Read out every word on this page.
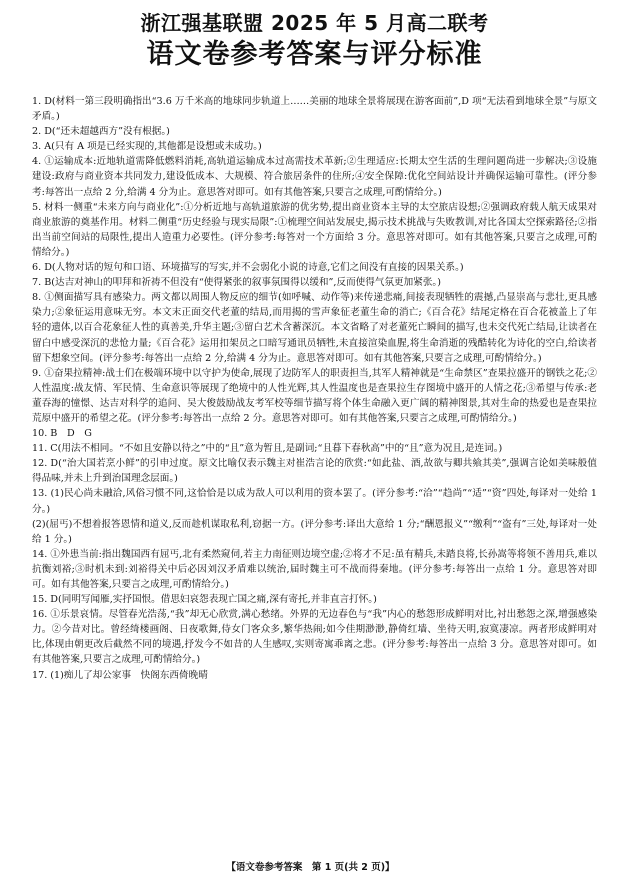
浙江强基联盟 2025 年 5 月高二联考
语文卷参考答案与评分标准

1. D(材料一第三段明确指出“3.6 万千米高的地球同步轨道上……美丽的地球全景将展现在游客面前”,D 项“无法看到地球全景”与原文矛盾。)

2. D(“还未超越西方”没有根据。)

3. A(只有 A 项是已经实现的,其他都是设想或未成功。)

4. ①运输成本:近地轨道需降低燃料消耗,高轨道运输成本过高需技术革新;②生理适应:长期太空生活的生理问题尚进一步解决;③设施建设:政府与商业资本共同发力,建设低成本、大规模、符合旅居条件的住所;④安全保障:优化空间站设计并确保运输可靠性。(评分参考:每答出一点给 2 分,给满 4 分为止。意思答对即可。如有其他答案,只要言之成理,可酌情给分。)

5. 材料一侧重“未来方向与商业化”:①分析近地与高轨道旅游的优劣势,提出商业资本主导的太空旅店设想;②强调政府载人航天成果对商业旅游的奠基作用。材料二侧重“历史经验与现实局限”:①梳理空间站发展史,揭示技术挑战与失败教训,对比各国太空探索路径;②指出当前空间站的局限性,提出人造重力必要性。(评分参考:每答对一个方面给 3 分。意思答对即可。如有其他答案,只要言之成理,可酌情给分。)

6. D(人物对话的短句和口语、环境描写的写实,并不会弱化小说的诗意,它们之间没有直接的因果关系。)

7. B(达吉对神山的叩拜和祈祷不但没有“使得紧张的叙事氛围得以缓和”,反而使得气氛更加紧张。)

8. ①侧面描写具有感染力。两文都以周围人物反应的细节(如呼喊、动作等)来传递悲痛,间接表现牺牲的震撼,凸显崇高与悲壮,更具感染力;②象征运用意味无穷。本文末正面交代老董的结局,而用揭的雪声象征老董生命的消亡;《百合花》结尾定格在百合花被盖上了年轻的遗体,以百合花象征人性的真善美,升华主题;③留白艺术含蓄深沉。本文省略了对老董死亡瞬间的描写,也未交代死亡结局,让读者在留白中感受深沉的悲怆力量;《百合花》运用扣架员之口暗写通讯员牺牲,未直接渲染血腥,将生命消逝的残酷转化为诗化的空白,给读者留下想象空间。(评分参考:每答出一点给 2 分,给满 4 分为止。意思答对即可。如有其他答案,只要言之成理,可酌情给分。)

9. ①奋果拉精神:战士们在极端环境中以守护为使命,展现了边防军人的职责担当,其军人精神就是“生命禁区”查果拉盛开的钢铁之花;②人性温度:战友情、军民情、生命意识等展现了绝境中的人性光辉,其人性温度也是查果拉生存图境中盛开的人情之花;③希望与传承:老董吞海的憧憬、达吉对科学的追问、吴大俊鼓励战友考军校等细节描写将个体生命融入更广阔的精神图景,其对生命的热爱也是查果拉荒原中盛开的希望之花。(评分参考:每答出一点给 2 分。意思答对即可。如有其他答案,只要言之成理,可酌情给分。)

10. B　D　G

11. C(用法不相同。“不如且安静以待之”中的“且”意为暂且,是副词;“且暮下春秋高”中的“且”意为况且,是连词。)

12. D(“治大国若烹小鲜”的引申过度。原文比喻仅表示魏主对崔浩言论的欣赏:“如此盐、酒,故欲与卿共飨其美”,强调言论如美味般值得品味,并未上升到治国理念层面。)

13. (1)民心尚未融洽,风俗习惯不同,这恰恰是以成为敌人可以利用的资本罢了。(评分参考:“洽”“趋尚”“适”“资”四处,每译对一处给 1 分。)

(2)(屈丐)不想着报答恩情和道义,反而趁机谋取私利,窃据一方。(评分参考:译出大意给 1 分;“酬恩报义”“缴利”“盗有”三处,每译对一处给 1 分。)

14. ①外患当前:指出魏国西有屈丐,北有柔然窥伺,若主力南征则边境空虚;②将才不足:虽有精兵,未踏良将,长孙嵩等将领不善用兵,难以抗衡刘裕;③时机未到:刘裕得关中后必因刘汉矛盾难以统治,届时魏主可不战而得秦地。(评分参考:每答出一点给 1 分。意思答对即可。如有其他答案,只要言之成理,可酌情给分。)

15. D(同明写闻雁,实抒国恨。借思妇哀怨表现亡国之痛,深有寄托,并非直言打怀。)

16. ①乐景哀情。尽管春光浩荡,“我”却无心欣赏,满心愁绪。外界的无边春色与“我”内心的愁怨形成鲜明对比,衬出愁怨之深,增强感染力。②今昔对比。曾经绮楼画阁、日夜歌舞,侍女门客众多,繁华热闹;如今佳期渺渺,静倚红墙、坐待天明,寂寞凄凉。两者形成鲜明对比,体现由朝更改后截然不同的境遇,抒发今不如昔的人生感叹,实则寄寓乖离之悲。(评分参考:每答出一点给 3 分。意思答对即可。如有其他答案,只要言之成理,可酌情给分。)

17. (1)痴儿了却公家事　快阁东西倚晚晴

【语文卷参考答案　第 1 页(共 2 页)】
